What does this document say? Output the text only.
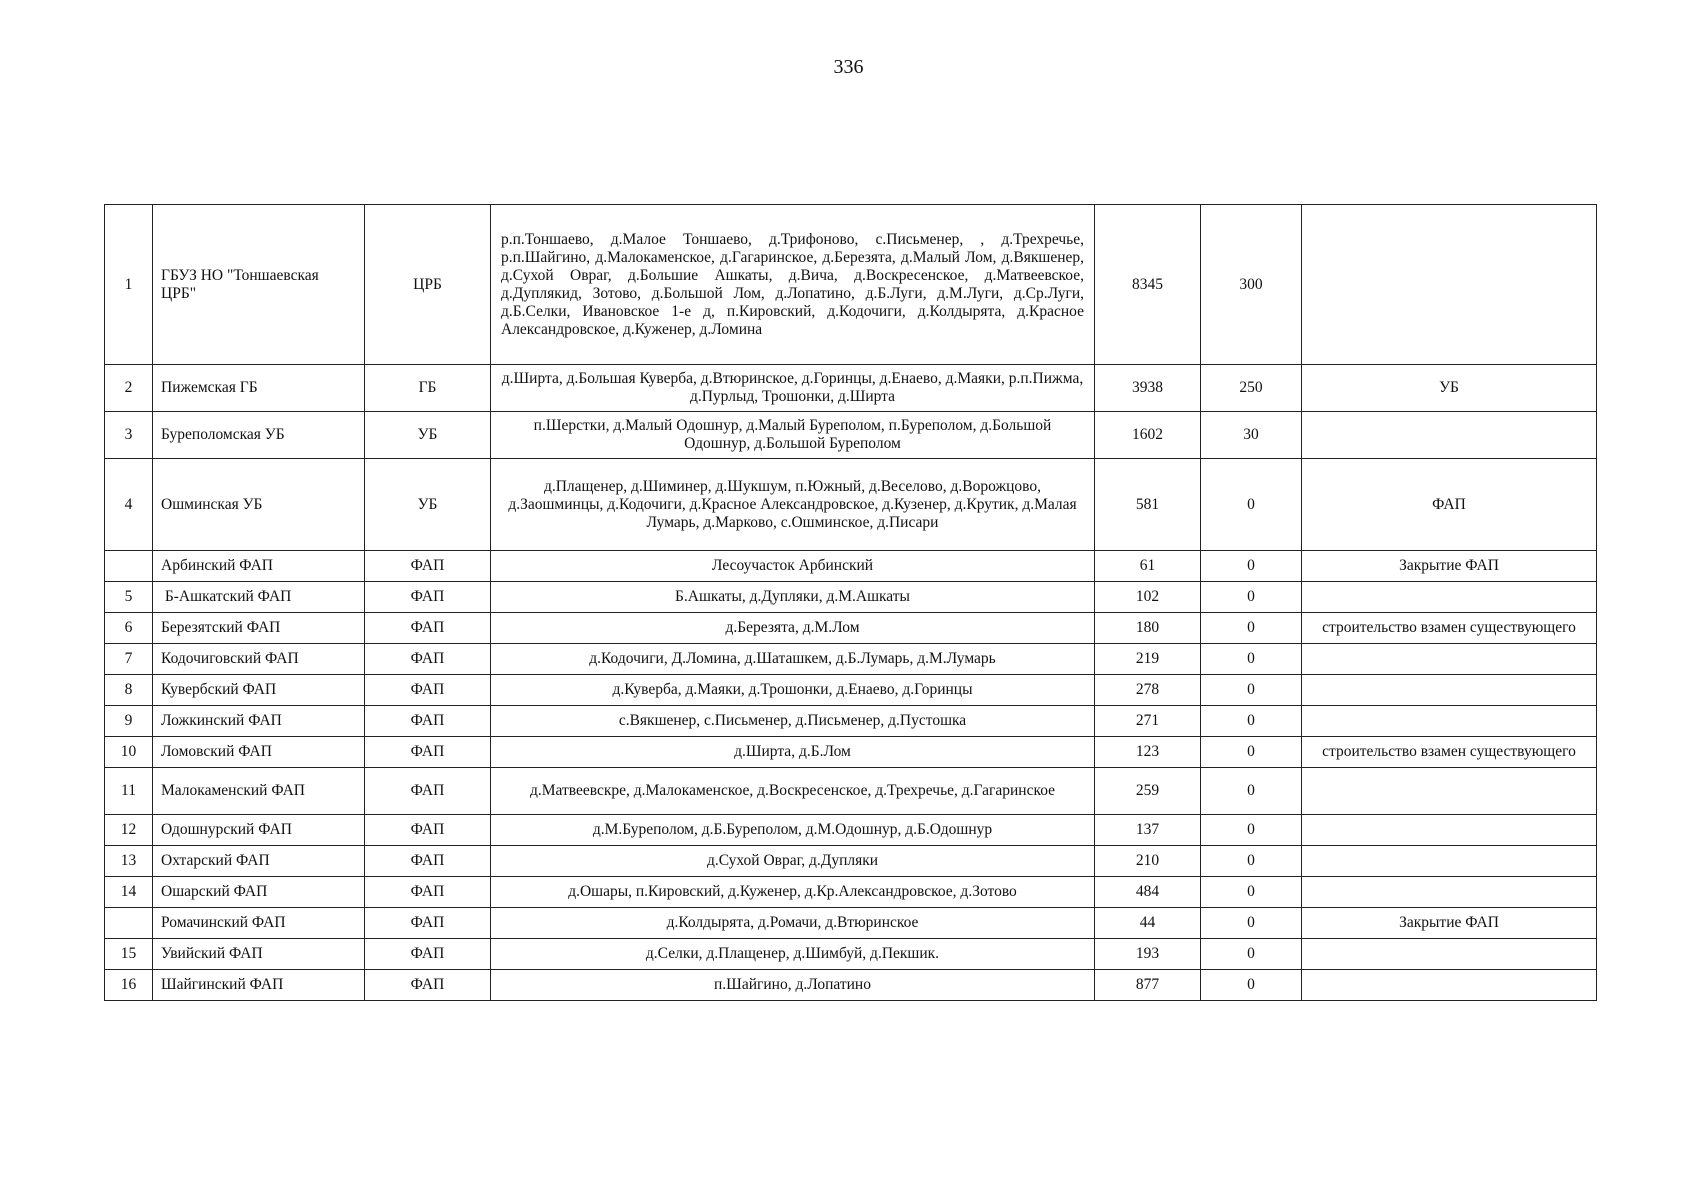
336
1	ГБУЗ НО "Тоншаевская ЦРБ"	ЦРБ	р.п.Тоншаево, д.Малое Тоншаево, д.Трифоново, с.Письменер, , д.Трехречье, р.п.Шайгино, д.Малокаменское, д.Гагаринское, д.Березята, д.Малый Лом, д.Вякшенер, д.Сухой Овраг, д.Большие Ашкаты, д.Вича, д.Воскресенское, д.Матвеевское, д.Дуплякид, Зотово, д.Большой Лом, д.Лопатино, д.Б.Луги, д.М.Луги, д.Ср.Луги, д.Б.Селки, Ивановское 1-е д, п.Кировский, д.Кодочиги, д.Колдырята, д.Красное Александровское, д.Куженер, д.Ломина	8345	300	
2	Пижемская ГБ	ГБ	д.Ширта, д.Большая Куверба, д.Втюринское, д.Горинцы, д.Енаево, д.Маяки, р.п.Пижма, д.Пурлыд, Трошонки, д.Ширта	3938	250	УБ
3	Буреполомская УБ	УБ	п.Шерстки, д.Малый Одошнур, д.Малый Буреполом, п.Буреполом, д.Большой Одошнур, д.Большой Буреполом	1602	30	
4	Ошминская УБ	УБ	д.Плащенер, д.Шиминер, д.Шукшум, п.Южный, д.Веселово, д.Ворожцово, д.Заошминцы, д.Кодочиги, д.Красное Александровское, д.Кузенер, д.Крутик, д.Малая Лумарь, д.Марково, с.Ошминское, д.Писари	581	0	ФАП
	Арбинский ФАП	ФАП	Лесоучасток Арбинский	61	0	Закрытие ФАП
5	Б-Ашкатский ФАП	ФАП	Б.Ашкаты, д.Дупляки, д.М.Ашкаты	102	0	
6	Березятский ФАП	ФАП	д.Березята, д.М.Лом	180	0	строительство взамен существующего
7	Кодочиговский ФАП	ФАП	д.Кодочиги, Д.Ломина, д.Шаташкем, д.Б.Лумарь, д.М.Лумарь	219	0	
8	Кувербский ФАП	ФАП	д.Куверба, д.Маяки, д.Трошонки, д.Енаево, д.Горинцы	278	0	
9	Ложкинский ФАП	ФАП	с.Вякшенер, с.Письменер, д.Письменер, д.Пустошка	271	0	
10	Ломовский ФАП	ФАП	д.Ширта, д.Б.Лом	123	0	строительство взамен существующего
11	Малокаменский ФАП	ФАП	д.Матвеевскре, д.Малокаменское, д.Воскресенское, д.Трехречье, д.Гагаринское	259	0	
12	Одошнурский ФАП	ФАП	д.М.Буреполом, д.Б.Буреполом, д.М.Одошнур, д.Б.Одошнур	137	0	
13	Охтарский ФАП	ФАП	д.Сухой Овраг, д.Дупляки	210	0	
14	Ошарский ФАП	ФАП	д.Ошары, п.Кировский, д.Куженер, д.Кр.Александровское, д.Зотово	484	0	
	Ромачинский ФАП	ФАП	д.Колдырята, д.Ромачи, д.Втюринское	44	0	Закрытие ФАП
15	Увийский ФАП	ФАП	д.Селки, д.Плащенер, д.Шимбуй, д.Пекшик.	193	0	
16	Шайгинский ФАП	ФАП	п.Шайгино, д.Лопатино	877	0	
